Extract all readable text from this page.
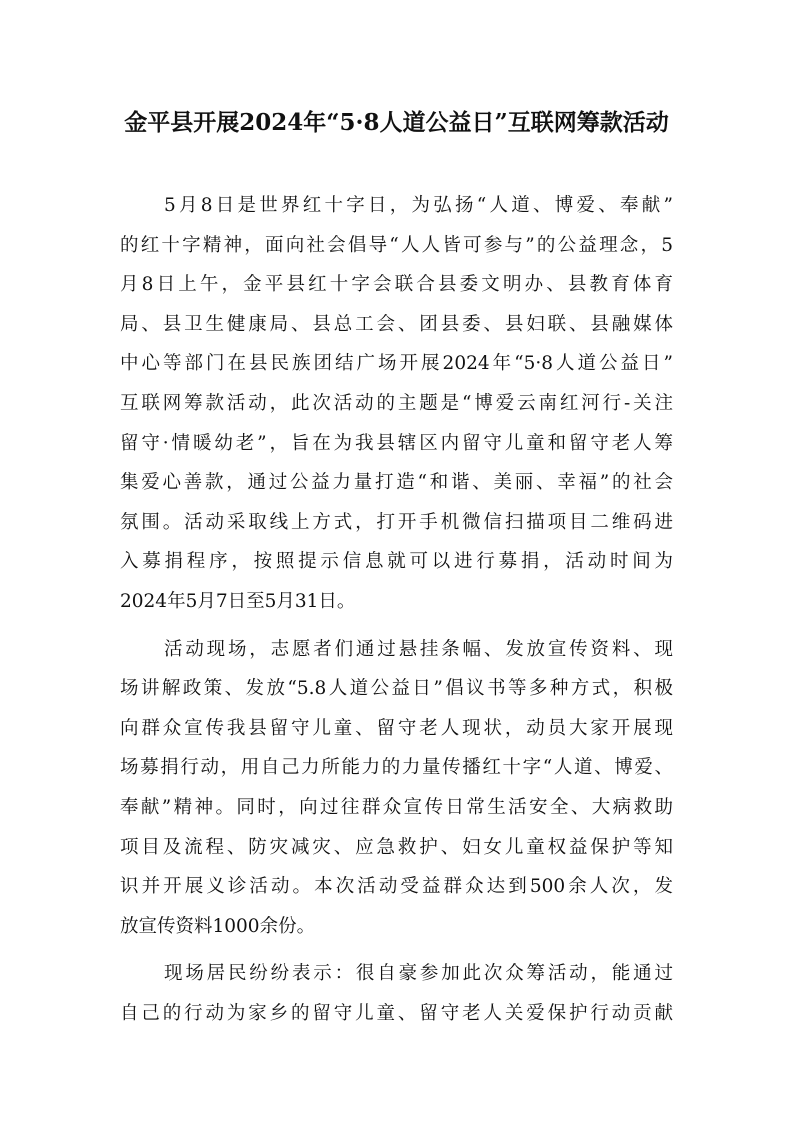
金平县开展2024年“5·8人道公益日”互联网筹款活动
5月8日是世界红十字日，为弘扬“人道、博爱、奉献”
的红十字精神，面向社会倡导“人人皆可参与”的公益理念，5
月8日上午，金平县红十字会联合县委文明办、县教育体育
局、县卫生健康局、县总工会、团县委、县妇联、县融媒体
中心等部门在县民族团结广场开展2024年“5·8人道公益日”
互联网筹款活动，此次活动的主题是“博爱云南红河行-关注
留守·情暖幼老”，旨在为我县辖区内留守儿童和留守老人筹
集爱心善款，通过公益力量打造“和谐、美丽、幸福”的社会
氛围。活动采取线上方式，打开手机微信扫描项目二维码进
入募捐程序，按照提示信息就可以进行募捐，活动时间为
2024年5月7日至5月31日。
活动现场，志愿者们通过悬挂条幅、发放宣传资料、现
场讲解政策、发放“5.8人道公益日”倡议书等多种方式，积极
向群众宣传我县留守儿童、留守老人现状，动员大家开展现
场募捐行动，用自己力所能力的力量传播红十字“人道、博爱、
奉献”精神。同时，向过往群众宣传日常生活安全、大病救助
项目及流程、防灾减灾、应急救护、妇女儿童权益保护等知
识并开展义诊活动。本次活动受益群众达到500余人次，发
放宣传资料1000余份。
现场居民纷纷表示：很自豪参加此次众筹活动，能通过
自己的行动为家乡的留守儿童、留守老人关爱保护行动贡献
